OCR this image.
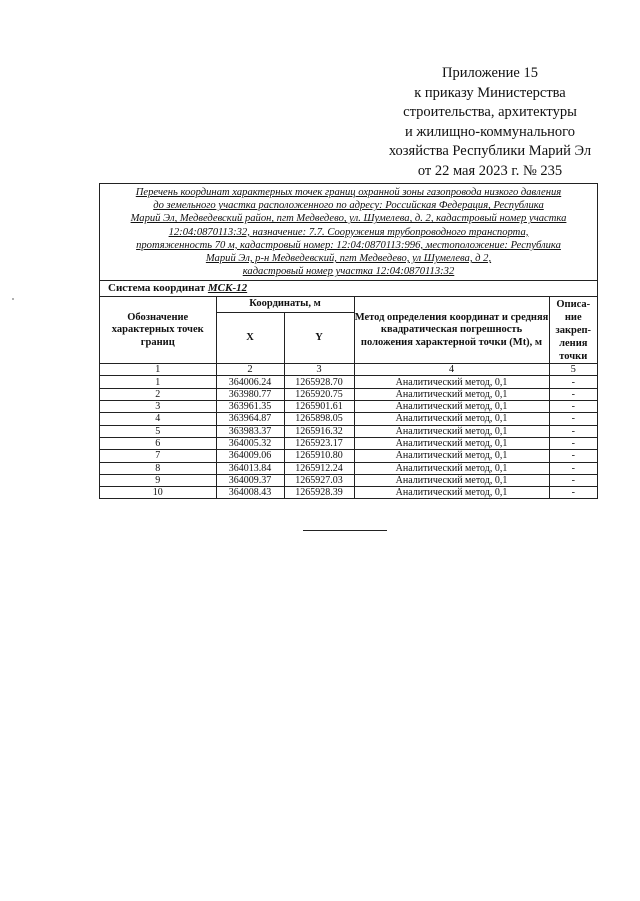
Приложение 15
к приказу Министерства
строительства, архитектуры
и жилищно-коммунального
хозяйства Республики Марий Эл
от 22 мая 2023 г. № 235
Перечень координат характерных точек границ охранной зоны газопровода низкого давления
до земельного участка расположенного по адресу: Российская Федерация, Республика
Марий Эл, Медведевский район, пгт Медведево, ул. Шумелева, д. 2, кадастровый номер участка
12:04:0870113:32, назначение: 7.7. Сооружения трубопроводного транспорта,
протяженность 70 м, кадастровый номер: 12:04:0870113:996, местоположение: Республика
Марий Эл, р-н Медведевский, пгт Медведево, ул Шумелева, д 2,
кадастровый номер участка 12:04:0870113:32
Система координат МСК-12
Обозначение характерных точек границ	Координаты, м		Метод определения координат и средняя квадратическая погрешность положения характерной точки (Mt), м	Описа-ние закреп-ления точки
	X	Y		
1	2	3	4	5
1	364006.24	1265928.70	Аналитический метод, 0,1	-
2	363980.77	1265920.75	Аналитический метод, 0,1	-
3	363961.35	1265901.61	Аналитический метод, 0,1	-
4	363964.87	1265898.05	Аналитический метод, 0,1	-
5	363983.37	1265916.32	Аналитический метод, 0,1	-
6	364005.32	1265923.17	Аналитический метод, 0,1	-
7	364009.06	1265910.80	Аналитический метод, 0,1	-
8	364013.84	1265912.24	Аналитический метод, 0,1	-
9	364009.37	1265927.03	Аналитический метод, 0,1	-
10	364008.43	1265928.39	Аналитический метод, 0,1	-
